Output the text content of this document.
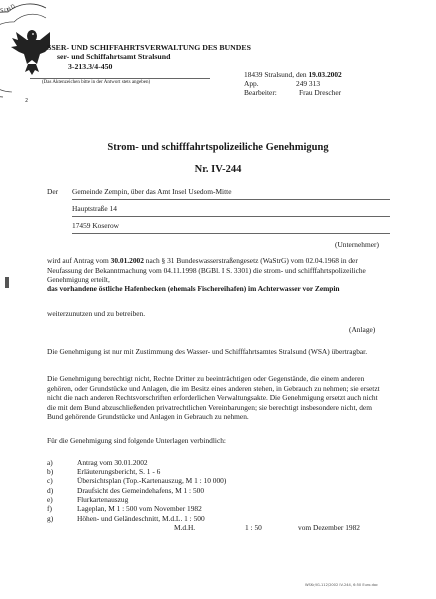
SUND
2
SSER- UND SCHIFFAHRTSVERWALTUNG DES BUNDES
ser- und Schiffahrtsamt Stralsund
3-213.3/4-450
(Das Aktenzeichen bitte in der Antwort stets angeben)
18439 Stralsund, den 19.03.2002
App.	249 313
Bearbeiter:	Frau Drescher
Strom- und schifffahrtspolizeiliche Genehmigung
Nr. IV-244
Der Gemeinde Zempin, über das Amt Insel Usedom-Mitte
Hauptstraße 14
17459 Koserow
(Unternehmer)
wird auf Antrag vom 30.01.2002 nach § 31 Bundeswasserstraßengesetz (WaStrG) vom 02.04.1968 in der Neufassung der Bekanntmachung vom 04.11.1998 (BGBl. I S. 3301) die strom- und schifffahrtspolizeiliche Genehmigung erteilt,
das vorhandene östliche Hafenbecken (ehemals Fischereihafen) im Achterwasser vor Zempin
weiterzunutzen und zu betreiben.
(Anlage)
Die Genehmigung ist nur mit Zustimmung des Wasser- und Schifffahrtsamtes Stralsund (WSA) übertragbar.
Die Genehmigung berechtigt nicht, Rechte Dritter zu beeinträchtigen oder Gegenstände, die einem anderen gehören, oder Grundstücke und Anlagen, die im Besitz eines anderen stehen, in Gebrauch zu nehmen; sie ersetzt nicht die nach anderen Rechtsvorschriften erforderlichen Verwaltungsakte. Die Genehmigung ersetzt auch nicht die mit dem Bund abzuschließenden privatrechtlichen Vereinbarungen; sie berechtigt insbesondere nicht, dem Bund gehörende Grundstücke und Anlagen in Gebrauch zu nehmen.
Für die Genehmigung sind folgende Unterlagen verbindlich:
a)	Antrag vom 30.01.2002
b)	Erläuterungsbericht, S. 1 - 6
c)	Übersichtsplan (Top.-Kartenauszug, M 1 : 10 000)
d)	Draufsicht des Gemeindehafens, M 1 : 500
e)	Flurkartenauszug
f)	Lageplan, M 1 : 500 vom November 1982
g)	Höhen- und Geländeschnitt, M.d.L. 1 : 500
M.d.H.	1 : 50	vom Dezember 1982
WSKr/IG-112/2002 IV-244, 6:50 Euro.doc
